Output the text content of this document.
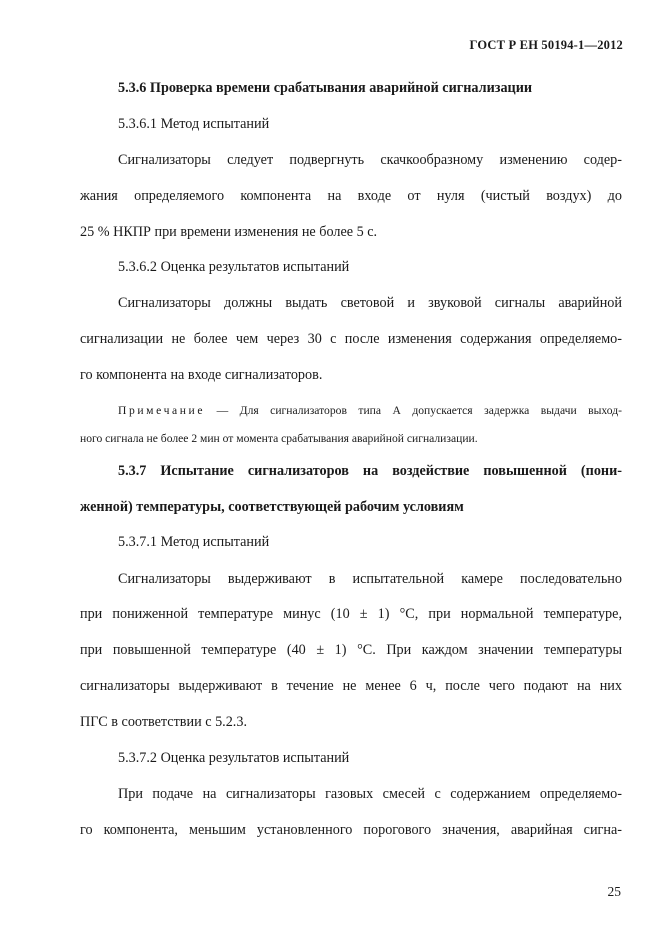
ГОСТ Р ЕН 50194-1—2012
5.3.6 Проверка времени срабатывания аварийной сигнализации
5.3.6.1 Метод испытаний
Сигнализаторы следует подвергнуть скачкообразному изменению содер-
жания определяемого компонента на входе от нуля (чистый воздух) до
25 % НКПР при времени изменения не более 5 с.
5.3.6.2 Оценка результатов испытаний
Сигнализаторы должны выдать световой и звуковой сигналы аварийной
сигнализации не более чем через 30 с после изменения содержания определяемо-
го компонента на входе сигнализаторов.
Примечание — Для сигнализаторов типа А допускается задержка выдачи выход-
ного сигнала не более 2 мин от момента срабатывания аварийной сигнализации.
5.3.7 Испытание сигнализаторов на воздействие повышенной (пони-
женной) температуры, соответствующей рабочим условиям
5.3.7.1 Метод испытаний
Сигнализаторы выдерживают в испытательной камере последовательно
при пониженной температуре минус (10 ± 1) °С, при нормальной температуре,
при повышенной температуре (40 ± 1) °С. При каждом значении температуры
сигнализаторы выдерживают в течение не менее 6 ч, после чего подают на них
ПГС в соответствии с 5.2.3.
5.3.7.2 Оценка результатов испытаний
При подаче на сигнализаторы газовых смесей с содержанием определяемо-
го компонента, меньшим установленного порогового значения, аварийная сигна-
25
